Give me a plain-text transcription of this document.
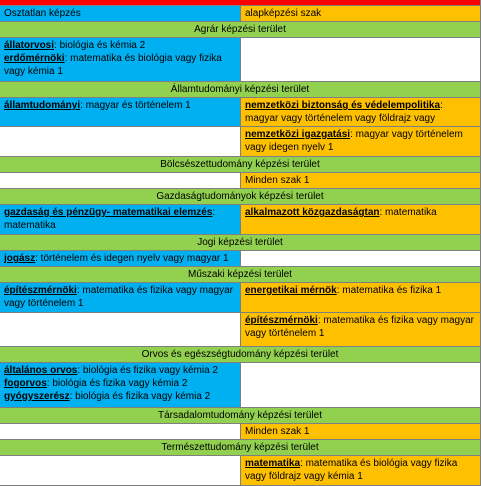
Osztatlan képzés	alapképzési szak
Agrár képzési terület

állatorvosi: biológia és kémia 2

erdőmérnöki: matematika és biológia vagy fizika vagy kémia 1

Államtudományi képzési terület

államtudományi: magyar és történelem 1	nemzetközi biztonság és védelempolitika: magyar vagy történelem vagy földrajz vagy

nemzetközi igazgatási: magyar vagy történelem vagy idegen nyelv 1

Bölcsészettudomány képzési terület
Minden szak 1
Gazdaságtudományok képzési terület

gazdaság és pénzügy- matematikai elemzés: matematika

alkalmazott közgazdaságtan: matematika

Jogi képzési terület

jogász: történelem és idegen nyelv vagy magyar 1

Műszaki képzési terület

építészmérnöki: matematika és fizika vagy magyar vagy történelem 1

energetikai mérnök: matematika és fizika 1

építészmérnöki: matematika és fizika vagy magyar vagy történelem 1

Orvos és egészségtudomány képzési terület

általános orvos: biológia és fizika vagy kémia 2

fogorvos: biológia és fizika vagy kémia 2

gyógyszerész: biológia és fizika vagy kémia 2

Társadalomtudomány képzési terület
Minden szak 1
Természettudomány képzési terület

matematika: matematika és biológia vagy fizika vagy földrajz vagy kémia 1
